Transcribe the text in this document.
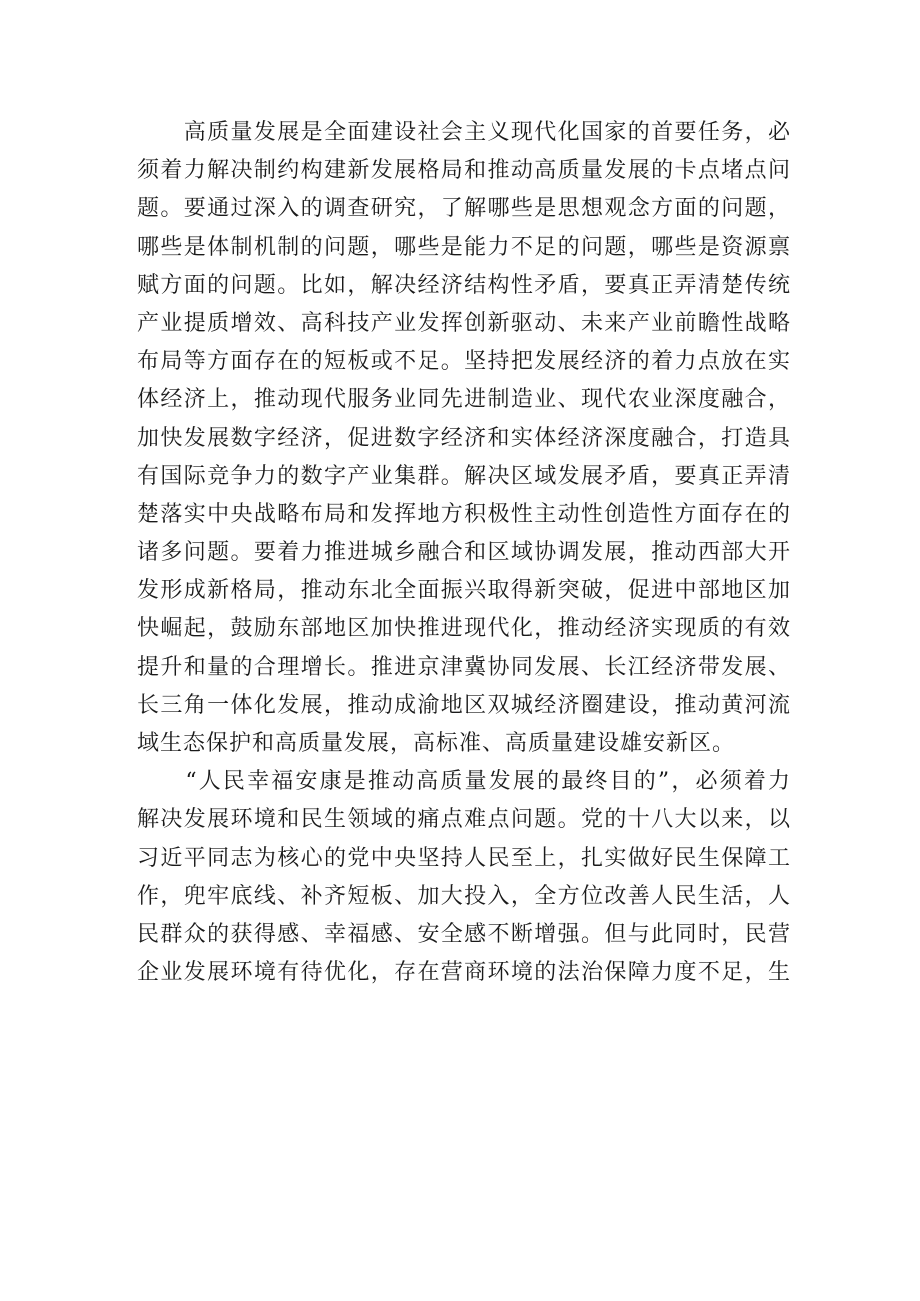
　　高质量发展是全面建设社会主义现代化国家的首要任务，必
须着力解决制约构建新发展格局和推动高质量发展的卡点堵点问
题。要通过深入的调查研究，了解哪些是思想观念方面的问题，
哪些是体制机制的问题，哪些是能力不足的问题，哪些是资源禀
赋方面的问题。比如，解决经济结构性矛盾，要真正弄清楚传统
产业提质增效、高科技产业发挥创新驱动、未来产业前瞻性战略
布局等方面存在的短板或不足。坚持把发展经济的着力点放在实
体经济上，推动现代服务业同先进制造业、现代农业深度融合，
加快发展数字经济，促进数字经济和实体经济深度融合，打造具
有国际竞争力的数字产业集群。解决区域发展矛盾，要真正弄清
楚落实中央战略布局和发挥地方积极性主动性创造性方面存在的
诸多问题。要着力推进城乡融合和区域协调发展，推动西部大开
发形成新格局，推动东北全面振兴取得新突破，促进中部地区加
快崛起，鼓励东部地区加快推进现代化，推动经济实现质的有效
提升和量的合理增长。推进京津冀协同发展、长江经济带发展、
长三角一体化发展，推动成渝地区双城经济圈建设，推动黄河流
域生态保护和高质量发展，高标准、高质量建设雄安新区。
　　“人民幸福安康是推动高质量发展的最终目的”，必须着力
解决发展环境和民生领域的痛点难点问题。党的十八大以来，以
习近平同志为核心的党中央坚持人民至上，扎实做好民生保障工
作，兜牢底线、补齐短板、加大投入，全方位改善人民生活，人
民群众的获得感、幸福感、安全感不断增强。但与此同时，民营
企业发展环境有待优化，存在营商环境的法治保障力度不足，生
